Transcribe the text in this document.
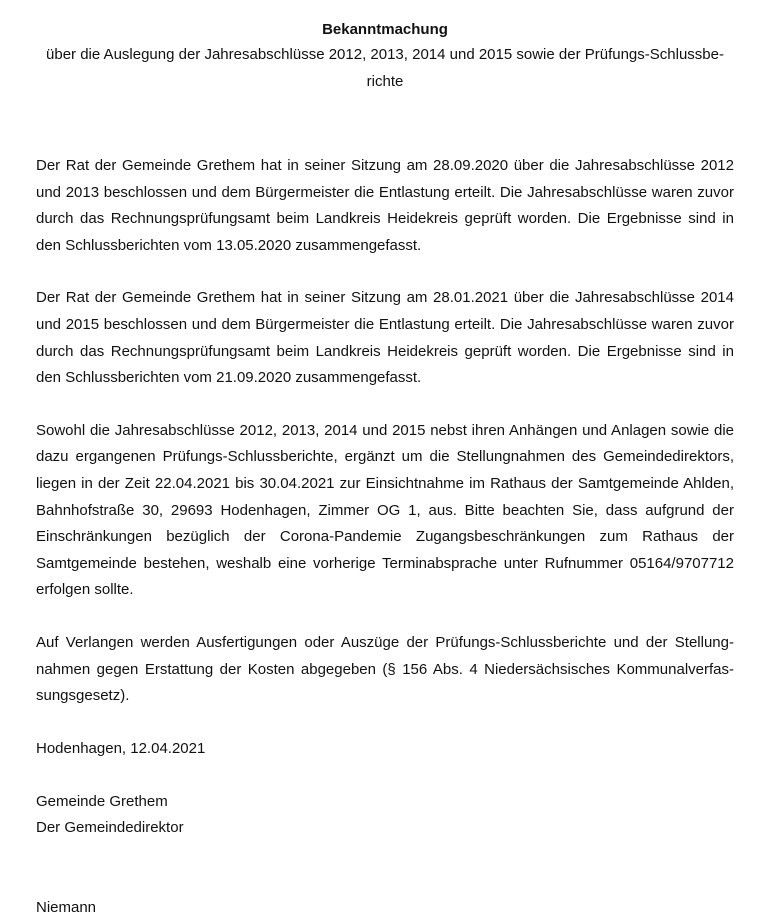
Bekanntmachung

über die Auslegung der Jahresabschlüsse 2012, 2013, 2014 und 2015 sowie der Prüfungs-Schlussberichte

Der Rat der Gemeinde Grethem hat in seiner Sitzung am 28.09.2020 über die Jahresabschlüsse 2012 und 2013 beschlossen und dem Bürgermeister die Entlastung erteilt. Die Jahresabschlüsse waren zuvor durch das Rechnungsprüfungsamt beim Landkreis Heidekreis geprüft worden. Die Ergebnisse sind in den Schlussberichten vom 13.05.2020 zusammengefasst.

Der Rat der Gemeinde Grethem hat in seiner Sitzung am 28.01.2021 über die Jahresabschlüsse 2014 und 2015 beschlossen und dem Bürgermeister die Entlastung erteilt. Die Jahresabschlüsse waren zuvor durch das Rechnungsprüfungsamt beim Landkreis Heidekreis geprüft worden. Die Ergebnisse sind in den Schlussberichten vom 21.09.2020 zusammengefasst.

Sowohl die Jahresabschlüsse 2012, 2013, 2014 und 2015 nebst ihren Anhängen und Anlagen sowie die dazu ergangenen Prüfungs-Schlussberichte, ergänzt um die Stellungnahmen des Gemeindedirektors, liegen in der Zeit 22.04.2021 bis 30.04.2021 zur Einsichtnahme im Rathaus der Samtgemeinde Ahlden, Bahnhofstraße 30, 29693 Hodenhagen, Zimmer OG 1, aus. Bitte beachten Sie, dass aufgrund der Einschränkungen bezüglich der Corona-Pandemie Zugangsbeschränkungen zum Rathaus der Samtgemeinde bestehen, weshalb eine vorherige Terminabsprache unter Rufnummer 05164/9707712 erfolgen sollte.

Auf Verlangen werden Ausfertigungen oder Auszüge der Prüfungs-Schlussberichte und der Stellungnahmen gegen Erstattung der Kosten abgegeben (§ 156 Abs. 4 Niedersächsisches Kommunalverfassungsgesetz).

Hodenhagen, 12.04.2021

Gemeinde Grethem

Der Gemeindedirektor

Niemann
